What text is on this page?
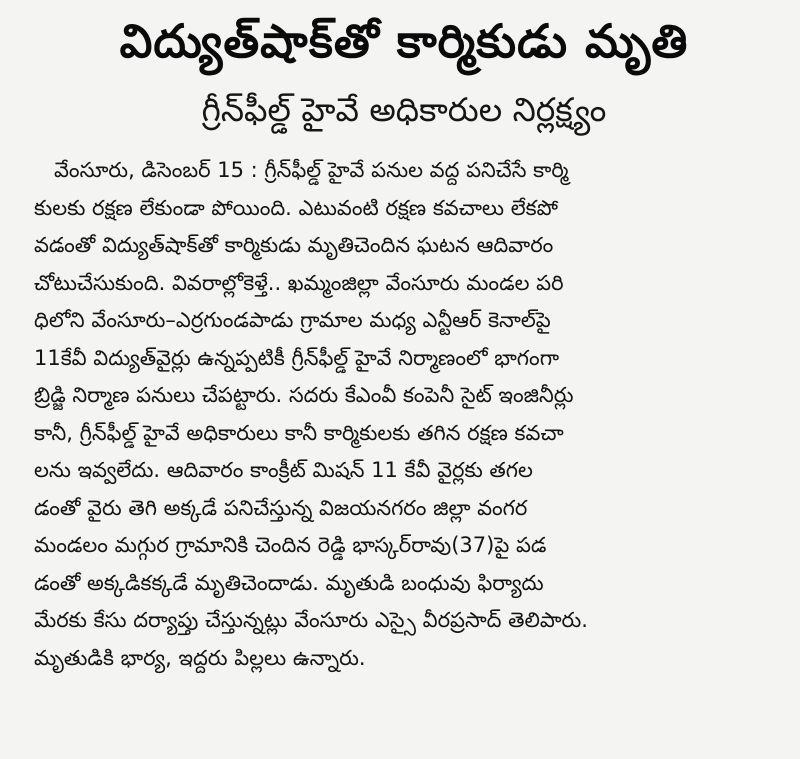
విద్యుత్‌షాక్‌తో కార్మికుడు మృతి
గ్రీన్‌ఫీల్డ్‌ హైవే అధికారుల నిర్లక్ష్యం
వేంసూరు, డిసెంబర్‌ 15 : గ్రీన్‌ఫీల్డ్‌ హైవే పనుల వద్ద పనిచేసే కార్మి
కులకు రక్షణ లేకుండా పోయింది. ఎటువంటి రక్షణ కవచాలు లేకపో
వడంతో విద్యుత్‌షాక్‌తో కార్మికుడు మృతిచెందిన ఘటన ఆదివారం
చోటుచేసుకుంది. వివరాల్లోకెళ్తే.. ఖమ్మంజిల్లా వేంసూరు మండల పరి
ధిలోని వేంసూరు–ఎర్రగుండపాడు గ్రామాల మధ్య ఎన్టీఆర్‌ కెనాల్‌పై
11కేవీ విద్యుత్‌వైర్లు ఉన్నప్పటికీ గ్రీన్‌ఫీల్డ్‌ హైవే నిర్మాణంలో భాగంగా
బ్రిడ్జి నిర్మాణ పనులు చేపట్టారు. సదరు కేఎంవీ కంపెనీ సైట్‌ ఇంజినీర్లు
కానీ, గ్రీన్‌ఫీల్డ్‌ హైవే అధికారులు కానీ కార్మికులకు తగిన రక్షణ కవచా
లను ఇవ్వలేదు. ఆదివారం కాంక్రీట్‌ మిషన్‌ 11 కేవీ వైర్లకు తగల
డంతో వైరు తెగి అక్కడే పనిచేస్తున్న విజయనగరం జిల్లా వంగర
మండలం మగ్గుర గ్రామానికి చెందిన రెడ్డి భాస్కర్‌రావు(37)పై పడ
డంతో అక్కడికక్కడే మృతిచెందాడు. మృతుడి బంధువు ఫిర్యాదు
మేరకు కేసు దర్యాప్తు చేస్తున్నట్లు వేంసూరు ఎస్సై వీరప్రసాద్‌ తెలిపారు.
మృతుడికి భార్య, ఇద్దరు పిల్లలు ఉన్నారు.
